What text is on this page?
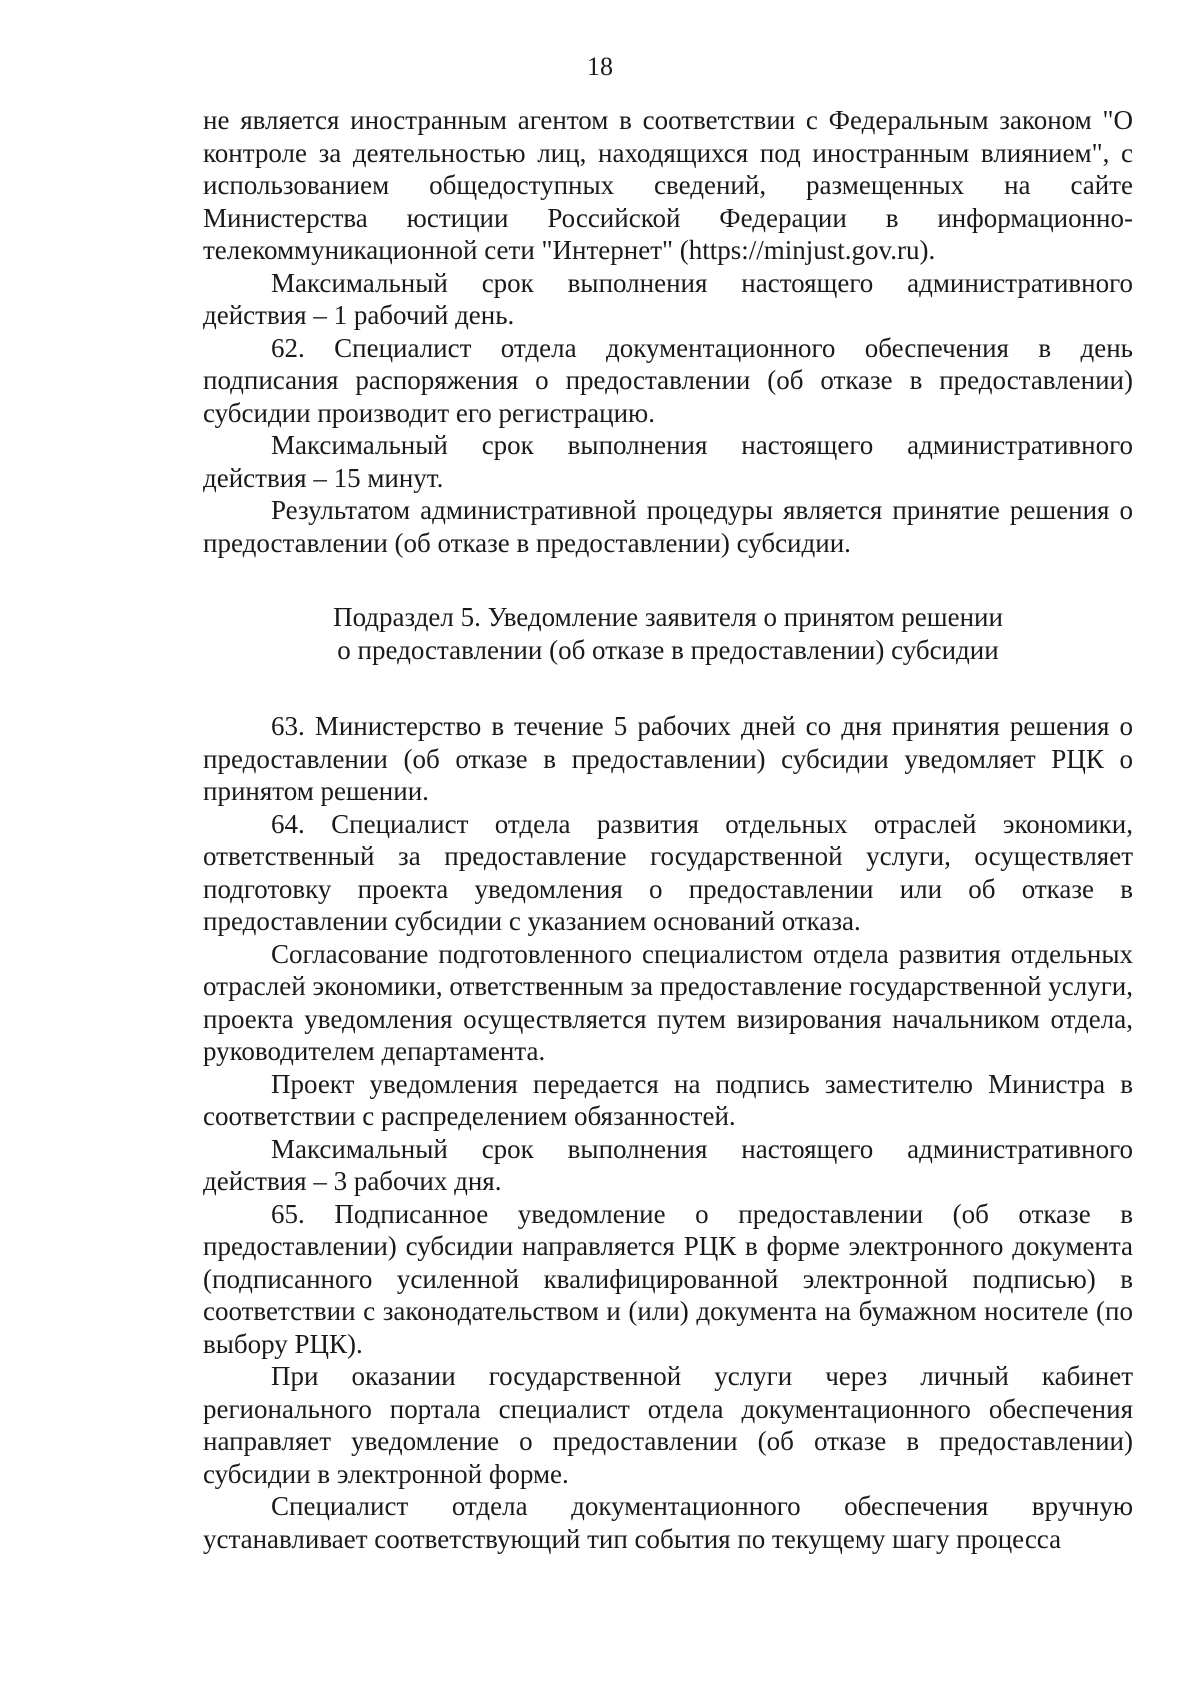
18

не является иностранным агентом в соответствии с Федеральным законом "О контроле за деятельностью лиц, находящихся под иностранным влиянием", с использованием общедоступных сведений, размещенных на сайте Министерства юстиции Российской Федерации в информационно-телекоммуникационной сети "Интернет" (https://minjust.gov.ru).

Максимальный срок выполнения настоящего административного действия – 1 рабочий день.

62. Специалист отдела документационного обеспечения в день подписания распоряжения о предоставлении (об отказе в предоставлении) субсидии производит его регистрацию.

Максимальный срок выполнения настоящего административного действия – 15 минут.

Результатом административной процедуры является принятие решения о предоставлении (об отказе в предоставлении) субсидии.

Подраздел 5. Уведомление заявителя о принятом решении
о предоставлении (об отказе в предоставлении) субсидии

63. Министерство в течение 5 рабочих дней со дня принятия решения о предоставлении (об отказе в предоставлении) субсидии уведомляет РЦК о принятом решении.

64. Специалист отдела развития отдельных отраслей экономики, ответственный за предоставление государственной услуги, осуществляет подготовку проекта уведомления о предоставлении или об отказе в предоставлении субсидии с указанием оснований отказа.

Согласование подготовленного специалистом отдела развития отдельных отраслей экономики, ответственным за предоставление государственной услуги, проекта уведомления осуществляется путем визирования начальником отдела, руководителем департамента.

Проект уведомления передается на подпись заместителю Министра в соответствии с распределением обязанностей.

Максимальный срок выполнения настоящего административного действия – 3 рабочих дня.

65. Подписанное уведомление о предоставлении (об отказе в предоставлении) субсидии направляется РЦК в форме электронного документа (подписанного усиленной квалифицированной электронной подписью) в соответствии с законодательством и (или) документа на бумажном носителе (по выбору РЦК).

При оказании государственной услуги через личный кабинет регионального портала специалист отдела документационного обеспечения направляет уведомление о предоставлении (об отказе в предоставлении) субсидии в электронной форме.

Специалист отдела документационного обеспечения вручную устанавливает соответствующий тип события по текущему шагу процесса
